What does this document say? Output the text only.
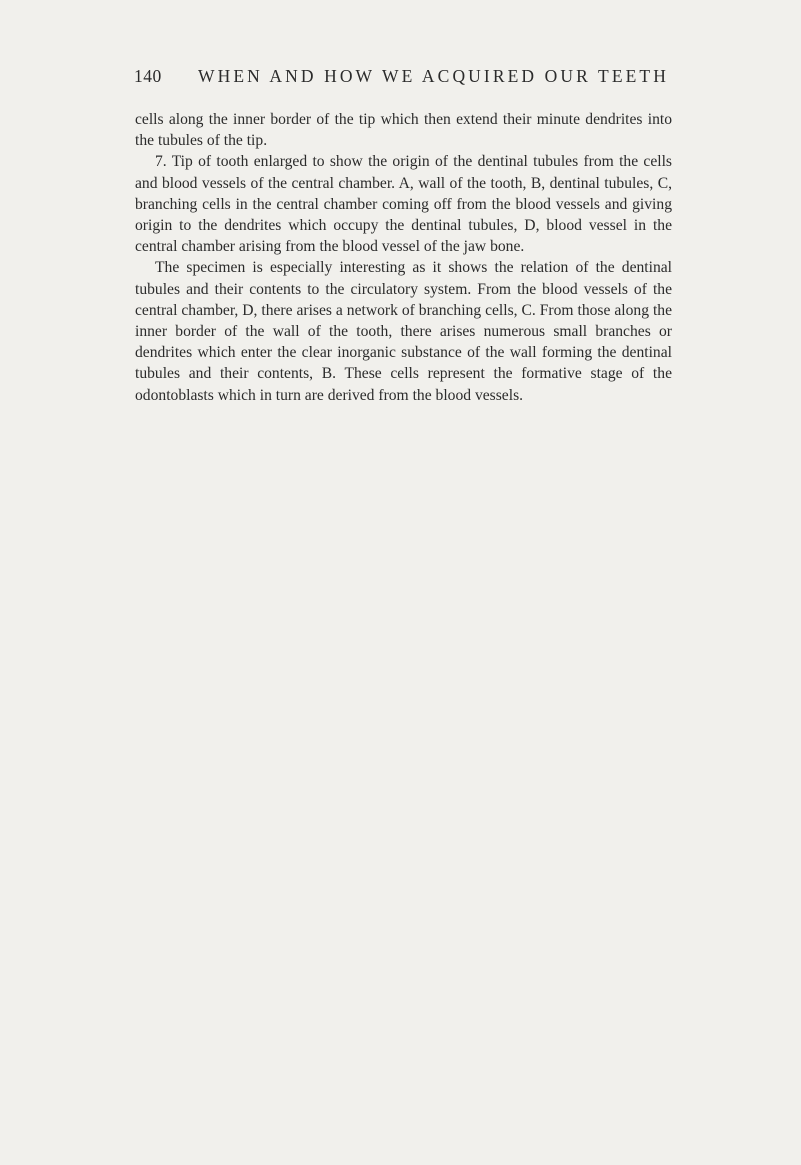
140 WHEN AND HOW WE ACQUIRED OUR TEETH

cells along the inner border of the tip which then extend their minute dendrites into the tubules of the tip.

7. Tip of tooth enlarged to show the origin of the dentinal tubules from the cells and blood vessels of the central chamber. A, wall of the tooth, B, dentinal tubules, C, branching cells in the central chamber coming off from the blood vessels and giving origin to the dendrites which occupy the dentinal tubules, D, blood vessel in the central chamber arising from the blood vessel of the jaw bone.

The specimen is especially interesting as it shows the relation of the dentinal tubules and their contents to the circulatory system. From the blood vessels of the central chamber, D, there arises a network of branching cells, C. From those along the inner border of the wall of the tooth, there arises numerous small branches or dendrites which enter the clear inorganic substance of the wall forming the dentinal tubules and their contents, B. These cells represent the formative stage of the odontoblasts which in turn are derived from the blood vessels.
